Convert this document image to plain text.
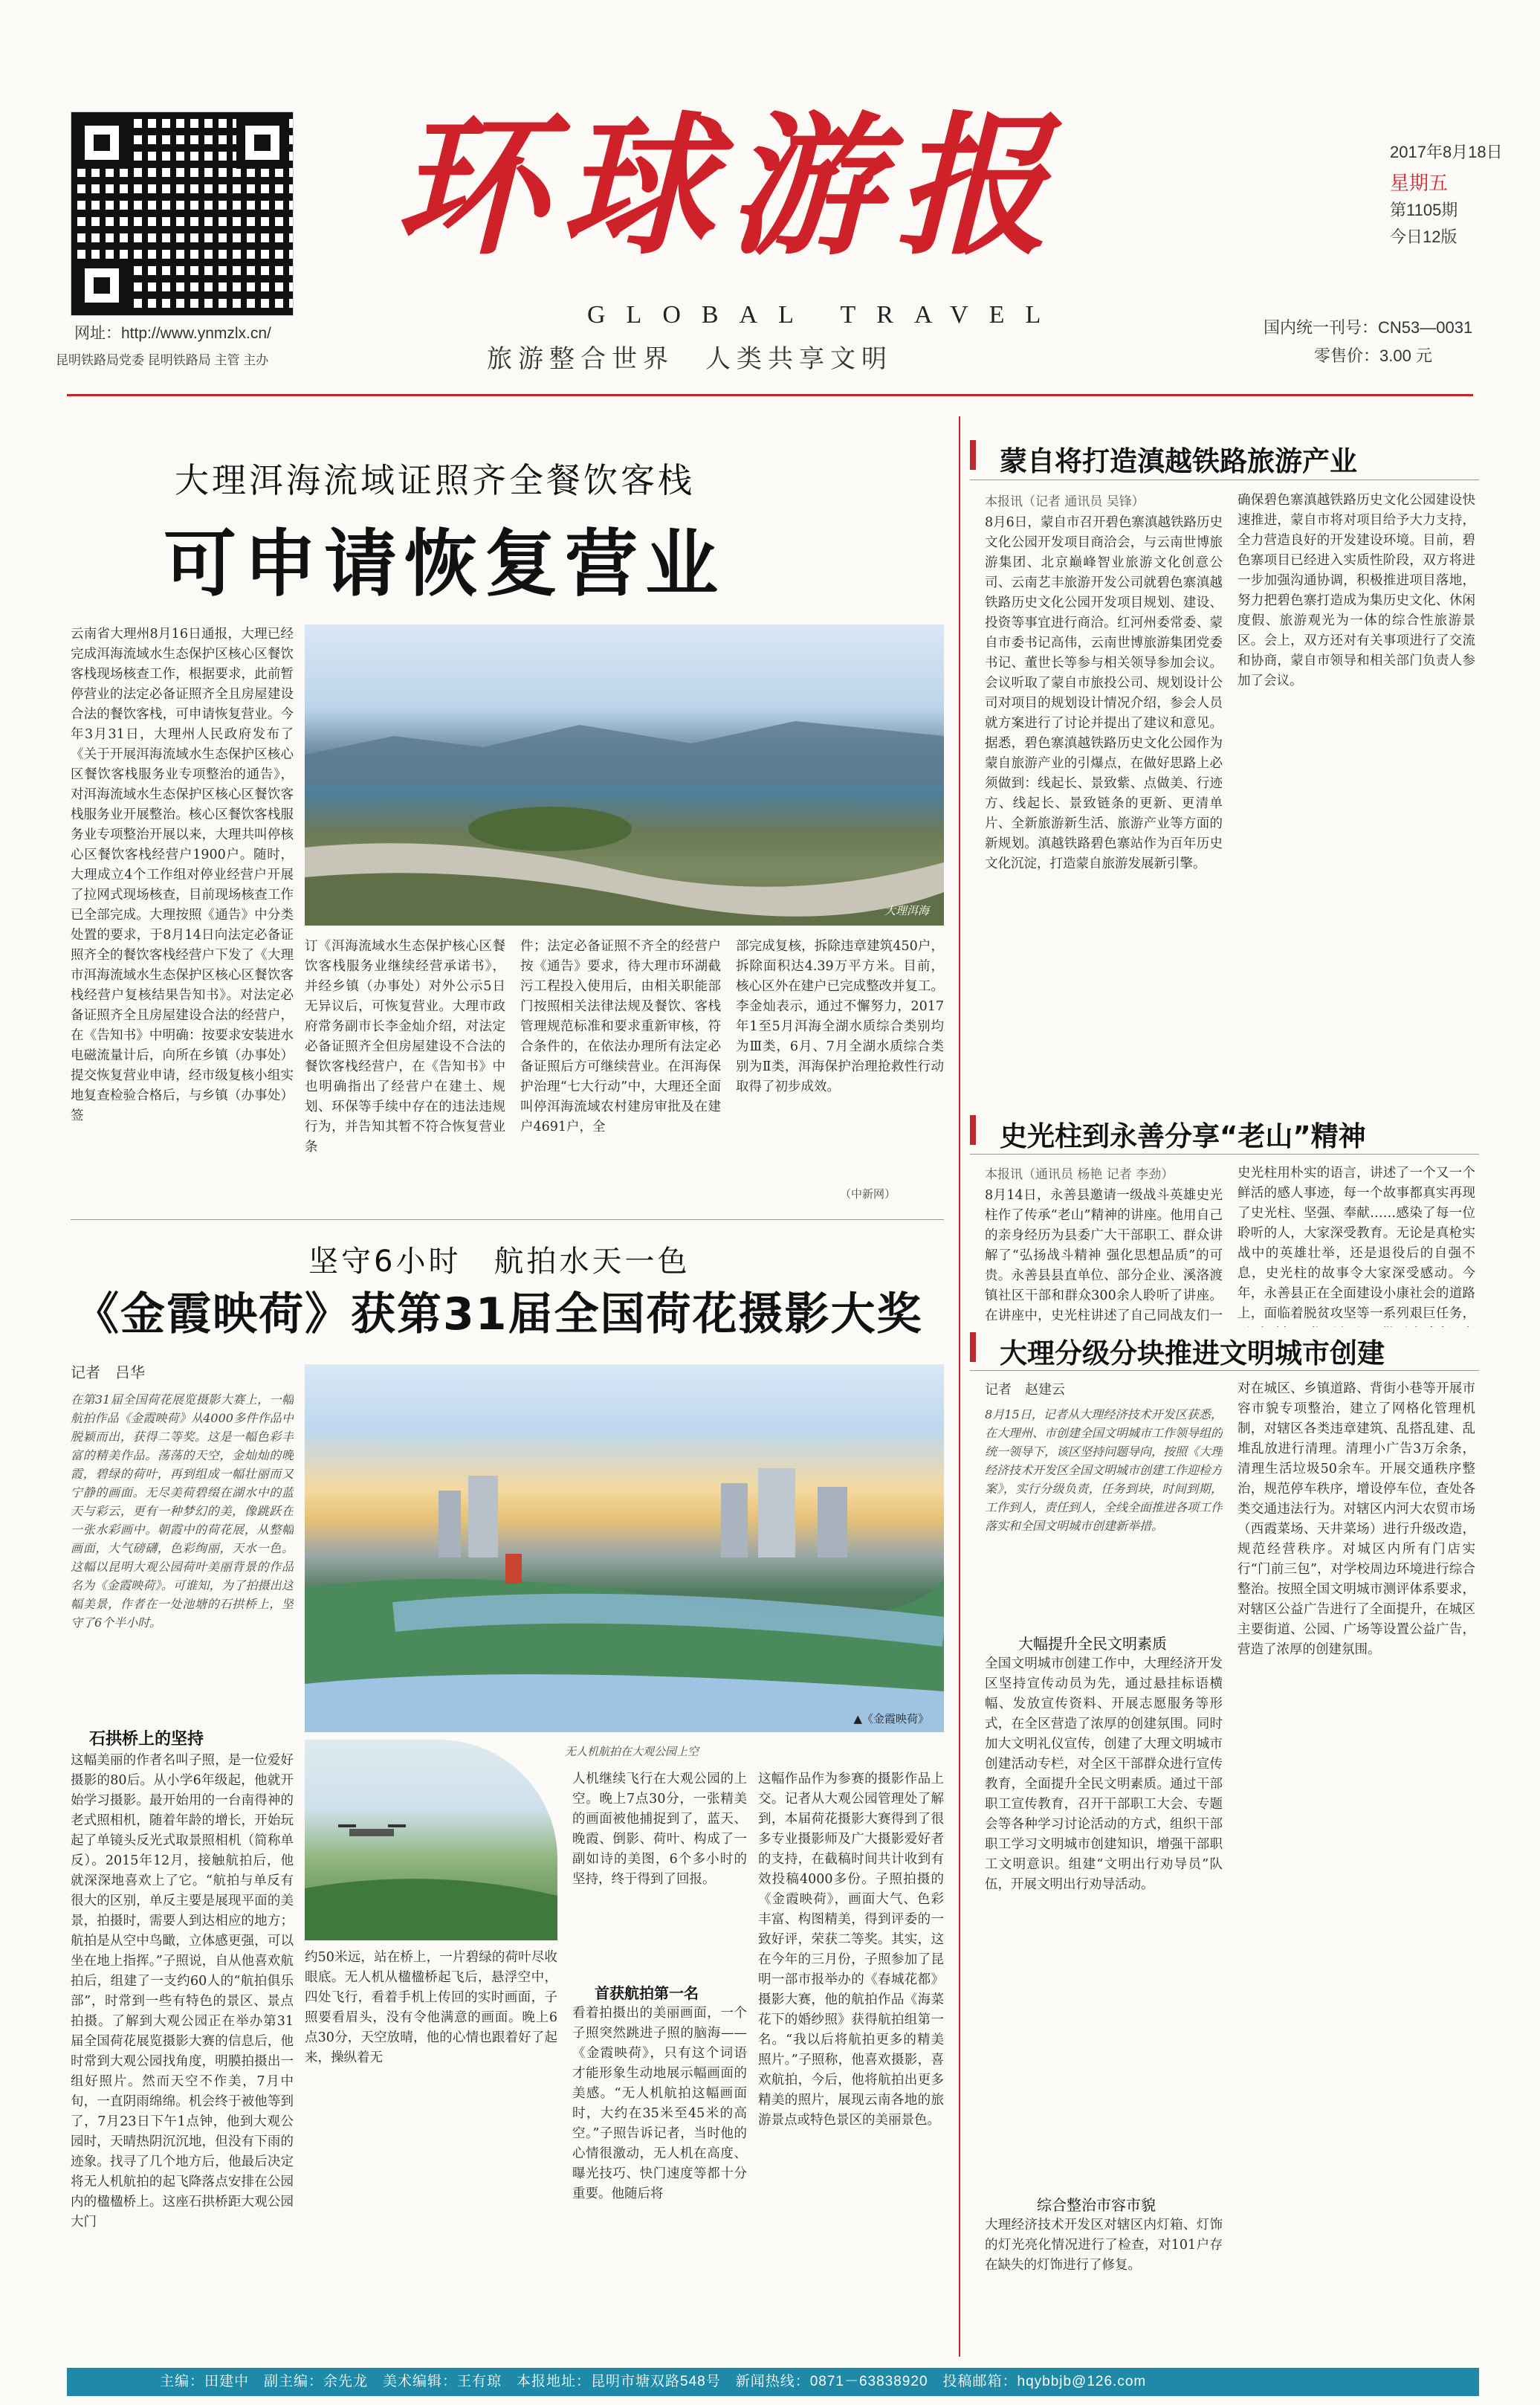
网址：http://www.ynmzlx.cn/
昆明铁路局党委 昆明铁路局 主管 主办
环球游报
GLOBAL TRAVEL
旅游整合世界　人类共享文明
2017年8月18日
星期五
第1105期
今日12版
国内统一刊号：CN53—0031
零售价：3.00 元
大理洱海流域证照齐全餐饮客栈
可申请恢复营业
云南省大理州8月16日通报，大理已经完成洱海流域水生态保护区核心区餐饮客栈现场核查工作，根据要求，此前暂停营业的法定必备证照齐全且房屋建设合法的餐饮客栈，可申请恢复营业。今年3月31日，大理州人民政府发布了《关于开展洱海流域水生态保护区核心区餐饮客栈服务业专项整治的通告》，对洱海流域水生态保护区核心区餐饮客栈服务业开展整治。核心区餐饮客栈服务业专项整治开展以来，大理共叫停核心区餐饮客栈经营户1900户。随时，大理成立4个工作组对停业经营户开展了拉网式现场核查，目前现场核查工作已全部完成。大理按照《通告》中分类处置的要求，于8月14日向法定必备证照齐全的餐饮客栈经营户下发了《大理市洱海流域水生态保护区核心区餐饮客栈经营户复核结果告知书》。对法定必备证照齐全且房屋建设合法的经营户，在《告知书》中明确：按要求安装进水电磁流量计后，向所在乡镇（办事处）提交恢复营业申请，经市级复核小组实地复查检验合格后，与乡镇（办事处）签
大理洱海
订《洱海流域水生态保护核心区餐饮客栈服务业继续经营承诺书》，并经乡镇（办事处）对外公示5日无异议后，可恢复营业。大理市政府常务副市长李金灿介绍，对法定必备证照齐全但房屋建设不合法的餐饮客栈经营户，在《告知书》中也明确指出了经营户在建土、规划、环保等手续中存在的违法违规行为，并告知其暂不符合恢复营业条
件；法定必备证照不齐全的经营户按《通告》要求，待大理市环湖截污工程投入使用后，由相关职能部门按照相关法律法规及餐饮、客栈管理规范标准和要求重新审核，符合条件的，在依法办理所有法定必备证照后方可继续营业。在洱海保护治理“七大行动”中，大理还全面叫停洱海流域农村建房审批及在建户4691户，全
部完成复核，拆除违章建筑450户，拆除面积达4.39万平方米。目前，核心区外在建户已完成整改并复工。李金灿表示，通过不懈努力，2017年1至5月洱海全湖水质综合类别均为Ⅲ类，6月、7月全湖水质综合类别为Ⅱ类，洱海保护治理抢救性行动取得了初步成效。
（中新网）
坚守6小时　航拍水天一色
《金霞映荷》获第31届全国荷花摄影大奖
记者　吕华
在第31届全国荷花展览摄影大赛上，一幅航拍作品《金霞映荷》从4000多件作品中脱颖而出，获得二等奖。这是一幅色彩丰富的精美作品。荡荡的天空，金灿灿的晚霞，碧绿的荷叶，再到组成一幅壮丽而又宁静的画面。无尽美荷碧缀在湖水中的蓝天与彩云，更有一种梦幻的美，像跳跃在一张水彩画中。朝霞中的荷花展，从整幅画面，大气磅礴，色彩绚丽，天水一色。这幅以昆明大观公园荷叶美丽背景的作品名为《金霞映荷》。可谁知，为了拍摄出这幅美景，作者在一处池塘的石拱桥上，坚守了6个半小时。
石拱桥上的坚持
这幅美丽的作者名叫子照，是一位爱好摄影的80后。从小学6年级起，他就开始学习摄影。最开始用的一台南得神的老式照相机，随着年龄的增长，开始玩起了单镜头反光式取景照相机（简称单反）。2015年12月，接触航拍后，他就深深地喜欢上了它。“航拍与单反有很大的区别，单反主要是展现平面的美景，拍摄时，需要人到达相应的地方；航拍是从空中鸟瞰，立体感更强，可以坐在地上指挥。”子照说，自从他喜欢航拍后，组建了一支约60人的“航拍俱乐部”，时常到一些有特色的景区、景点拍摄。了解到大观公园正在举办第31届全国荷花展览摄影大赛的信息后，他时常到大观公园找角度，明膜拍摄出一组好照片。然而天空不作美，7月中旬，一直阴雨绵绵。机会终于被他等到了，7月23日下午1点钟，他到大观公园时，天晴热阴沉沉地，但没有下雨的迹象。找寻了几个地方后，他最后决定将无人机航拍的起飞降落点安排在公园内的楹楹桥上。这座石拱桥距大观公园大门
▲《金霞映荷》
无人机航拍在大观公园上空
约50米远，站在桥上，一片碧绿的荷叶尽收眼底。无人机从楹楹桥起飞后，悬浮空中，四处飞行，看着手机上传回的实时画面，子照要看眉头，没有令他满意的画面。晚上6点30分，天空放晴，他的心情也跟着好了起来，操纵着无
人机继续飞行在大观公园的上空。晚上7点30分，一张精美的画面被他捕捉到了，蓝天、晚霞、倒影、荷叶、构成了一副如诗的美图，6个多小时的坚持，终于得到了回报。
首获航拍第一名
看着拍摄出的美丽画面，一个子照突然跳进子照的脑海——《金霞映荷》，只有这个词语才能形象生动地展示幅画面的美感。“无人机航拍这幅画面时，大约在35米至45米的高空。”子照告诉记者，当时他的心情很激动，无人机在高度、曝光技巧、快门速度等都十分重要。他随后将
这幅作品作为参赛的摄影作品上交。记者从大观公园管理处了解到，本届荷花摄影大赛得到了很多专业摄影师及广大摄影爱好者的支持，在截稿时间共计收到有效投稿4000多份。子照拍摄的《金霞映荷》，画面大气、色彩丰富、构图精美，得到评委的一致好评，荣获二等奖。其实，这在今年的三月份，子照参加了昆明一部市报举办的《春城花都》摄影大赛，他的航拍作品《海菜花下的婚纱照》获得航拍组第一名。“我以后将航拍更多的精美照片。”子照称，他喜欢摄影，喜欢航拍，今后，他将航拍出更多精美的照片，展现云南各地的旅游景点或特色景区的美丽景色。
蒙自将打造滇越铁路旅游产业
本报讯（记者 通讯员 吴锋）
8月6日，蒙自市召开碧色寨滇越铁路历史文化公园开发项目商洽会，与云南世博旅游集团、北京巅峰智业旅游文化创意公司、云南艺丰旅游开发公司就碧色寨滇越铁路历史文化公园开发项目规划、建设、投资等事宜进行商洽。红河州委常委、蒙自市委书记高伟，云南世博旅游集团党委书记、董世长等参与相关领导参加会议。会议听取了蒙自市旅投公司、规划设计公司对项目的规划设计情况介绍，参会人员就方案进行了讨论并提出了建议和意见。据悉，碧色寨滇越铁路历史文化公园作为蒙自旅游产业的引爆点，在做好思路上必须做到：线起长、景致紫、点做美、行迹方、线起长、景致链条的更新、更清单片、全新旅游新生活、旅游产业等方面的新规划。滇越铁路碧色寨站作为百年历史文化沉淀，打造蒙自旅游发展新引擎。
确保碧色寨滇越铁路历史文化公园建设快速推进，蒙自市将对项目给予大力支持，全力营造良好的开发建设环境。目前，碧色寨项目已经进入实质性阶段，双方将进一步加强沟通协调，积极推进项目落地，努力把碧色寨打造成为集历史文化、休闲度假、旅游观光为一体的综合性旅游景区。会上，双方还对有关事项进行了交流和协商，蒙自市领导和相关部门负责人参加了会议。
史光柱到永善分享“老山”精神
本报讯（通讯员 杨艳 记者 李劲）
8月14日，永善县邀请一级战斗英雄史光柱作了传承“老山”精神的讲座。他用自己的亲身经历为县委广大干部职工、群众讲解了“弘扬战斗精神 强化思想品质”的可贵。永善县县直单位、部分企业、溪洛渡镇社区干部和群众300余人聆听了讲座。在讲座中，史光柱讲述了自己同战友们一
史光柱用朴实的语言，讲述了一个又一个鲜活的感人事迹，每一个故事都真实再现了史光柱、坚强、奉献……感染了每一位聆听的人，大家深受教育。无论是真枪实战中的英雄壮举，还是退役后的自强不息，史光柱的故事令大家深受感动。今年，永善县正在全面建设小康社会的道路上，面临着脱贫攻坚等一系列艰巨任务，
大理分级分块推进文明城市创建
记者　赵建云
8月15日，记者从大理经济技术开发区获悉，在大理州、市创建全国文明城市工作领导组的统一领导下，该区坚持问题导向，按照《大理经济技术开发区全国文明城市创建工作迎检方案》，实行分级负责，任务到块，时间到期，工作到人，责任到人，全线全面推进各项工作落实和全国文明城市创建新举措。
大幅提升全民文明素质
全国文明城市创建工作中，大理经济开发区坚持宣传动员为先，通过悬挂标语横幅、发放宣传资料、开展志愿服务等形式，在全区营造了浓厚的创建氛围。同时加大文明礼仪宣传，创建了大理文明城市创建活动专栏，对全区干部群众进行宣传教育，全面提升全民文明素质。通过干部职工宣传教育，召开干部职工大会、专题会等各种学习讨论活动的方式，组织干部职工学习文明城市创建知识，增强干部职工文明意识。组建“文明出行劝导员”队伍，开展文明出行劝导活动。
综合整治市容市貌
大理经济技术开发区对辖区内灯箱、灯饰的灯光亮化情况进行了检查，对101户存在缺失的灯饰进行了修复。
对在城区、乡镇道路、背街小巷等开展市容市貌专项整治，建立了网格化管理机制，对辖区各类违章建筑、乱搭乱建、乱堆乱放进行清理。清理小广告3万余条，清理生活垃圾50余车。开展交通秩序整治，规范停车秩序，增设停车位，查处各类交通违法行为。对辖区内河大农贸市场（西霞菜场、天井菜场）进行升级改造，规范经营秩序。对城区内所有门店实行“门前三包”，对学校周边环境进行综合整治。按照全国文明城市测评体系要求，对辖区公益广告进行了全面提升，在城区主要街道、公园、广场等设置公益广告，营造了浓厚的创建氛围。
主编：田建中　副主编：余先龙　美术编辑：王有琼　本报地址：昆明市塘双路548号　新闻热线：0871－63838920　投稿邮箱：hqybbjb@126.com
